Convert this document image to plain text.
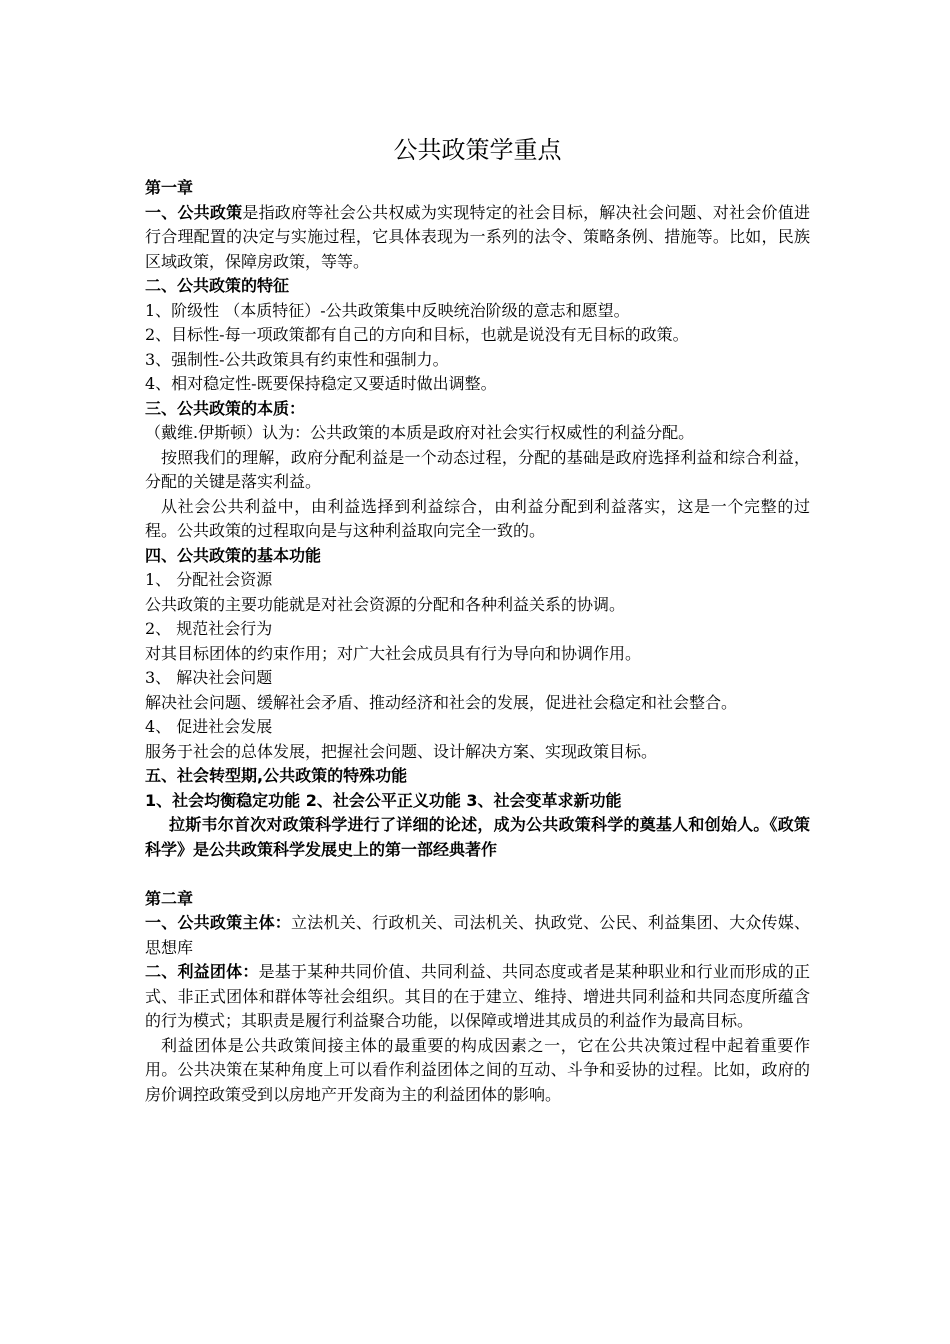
公共政策学重点

第一章

一、公共政策是指政府等社会公共权威为实现特定的社会目标，解决社会问题、对社会价值进行合理配置的决定与实施过程，它具体表现为一系列的法令、策略条例、措施等。比如，民族区域政策，保障房政策，等等。

二、公共政策的特征

1、阶级性 （本质特征）-公共政策集中反映统治阶级的意志和愿望。

2、目标性-每一项政策都有自己的方向和目标，也就是说没有无目标的政策。

3、强制性-公共政策具有约束性和强制力。

4、相对稳定性-既要保持稳定又要适时做出调整。

三、公共政策的本质：

（戴维.伊斯顿）认为：公共政策的本质是政府对社会实行权威性的利益分配。

按照我们的理解，政府分配利益是一个动态过程，分配的基础是政府选择利益和综合利益，分配的关键是落实利益。

从社会公共利益中，由利益选择到利益综合，由利益分配到利益落实，这是一个完整的过程。公共政策的过程取向是与这种利益取向完全一致的。

四、公共政策的基本功能

1、 分配社会资源

公共政策的主要功能就是对社会资源的分配和各种利益关系的协调。

2、 规范社会行为

对其目标团体的约束作用；对广大社会成员具有行为导向和协调作用。

3、 解决社会问题

解决社会问题、缓解社会矛盾、推动经济和社会的发展，促进社会稳定和社会整合。

4、 促进社会发展

服务于社会的总体发展，把握社会问题、设计解决方案、实现政策目标。

五、社会转型期,公共政策的特殊功能

1、社会均衡稳定功能 2、社会公平正义功能 3、社会变革求新功能

拉斯韦尔首次对政策科学进行了详细的论述，成为公共政策科学的奠基人和创始人。《政策科学》是公共政策科学发展史上的第一部经典著作

第二章

一、公共政策主体：立法机关、行政机关、司法机关、执政党、公民、利益集团、大众传媒、思想库

二、利益团体：是基于某种共同价值、共同利益、共同态度或者是某种职业和行业而形成的正式、非正式团体和群体等社会组织。其目的在于建立、维持、增进共同利益和共同态度所蕴含的行为模式；其职责是履行利益聚合功能，以保障或增进其成员的利益作为最高目标。

利益团体是公共政策间接主体的最重要的构成因素之一，它在公共决策过程中起着重要作用。公共决策在某种角度上可以看作利益团体之间的互动、斗争和妥协的过程。比如，政府的房价调控政策受到以房地产开发商为主的利益团体的影响。
